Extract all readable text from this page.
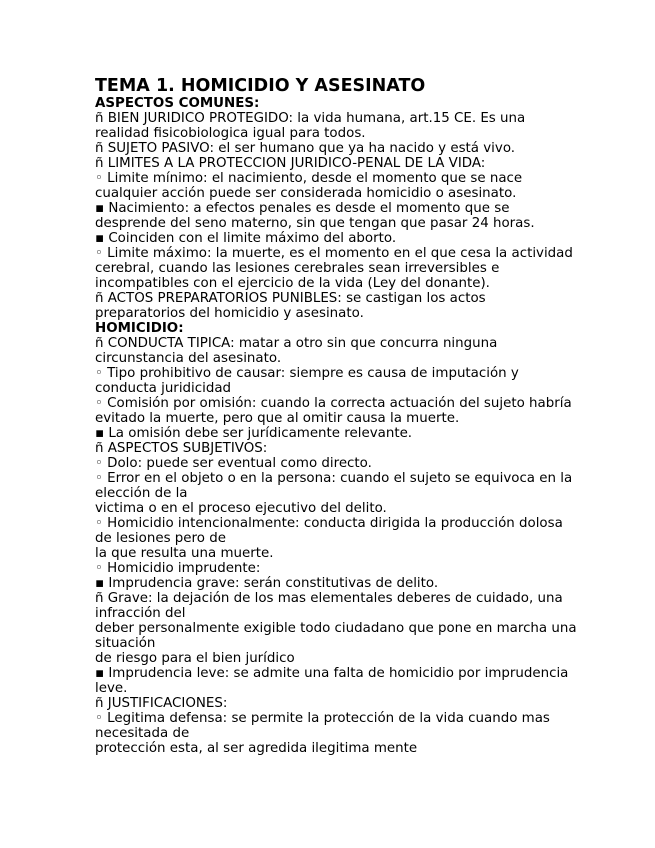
TEMA 1. HOMICIDIO Y ASESINATO
ASPECTOS COMUNES:
ñ BIEN JURIDICO PROTEGIDO: la vida humana, art.15 CE. Es una
realidad fisicobiologica igual para todos.
ñ SUJETO PASIVO: el ser humano que ya ha nacido y está vivo.
ñ LIMITES A LA PROTECCION JURIDICO-PENAL DE LA VIDA:
◦ Limite mínimo: el nacimiento, desde el momento que se nace
cualquier acción puede ser considerada homicidio o asesinato.
▪ Nacimiento: a efectos penales es desde el momento que se
desprende del seno materno, sin que tengan que pasar 24 horas.
▪ Coinciden con el limite máximo del aborto.
◦ Limite máximo: la muerte, es el momento en el que cesa la actividad
cerebral, cuando las lesiones cerebrales sean irreversibles e
incompatibles con el ejercicio de la vida (Ley del donante).
ñ ACTOS PREPARATORIOS PUNIBLES: se castigan los actos
preparatorios del homicidio y asesinato.
HOMICIDIO:
ñ CONDUCTA TIPICA: matar a otro sin que concurra ninguna
circunstancia del asesinato.
◦ Tipo prohibitivo de causar: siempre es causa de imputación y
conducta juridicidad
◦ Comisión por omisión: cuando la correcta actuación del sujeto habría
evitado la muerte, pero que al omitir causa la muerte.
▪ La omisión debe ser jurídicamente relevante.
ñ ASPECTOS SUBJETIVOS:
◦ Dolo: puede ser eventual como directo.
◦ Error en el objeto o en la persona: cuando el sujeto se equivoca en la
elección de la
victima o en el proceso ejecutivo del delito.
◦ Homicidio intencionalmente: conducta dirigida la producción dolosa
de lesiones pero de
la que resulta una muerte.
◦ Homicidio imprudente:
▪ Imprudencia grave: serán constitutivas de delito.
ñ Grave: la dejación de los mas elementales deberes de cuidado, una
infracción del
deber personalmente exigible todo ciudadano que pone en marcha una
situación
de riesgo para el bien jurídico
▪ Imprudencia leve: se admite una falta de homicidio por imprudencia
leve.
ñ JUSTIFICACIONES:
◦ Legitima defensa: se permite la protección de la vida cuando mas
necesitada de
protección esta, al ser agredida ilegitima mente
